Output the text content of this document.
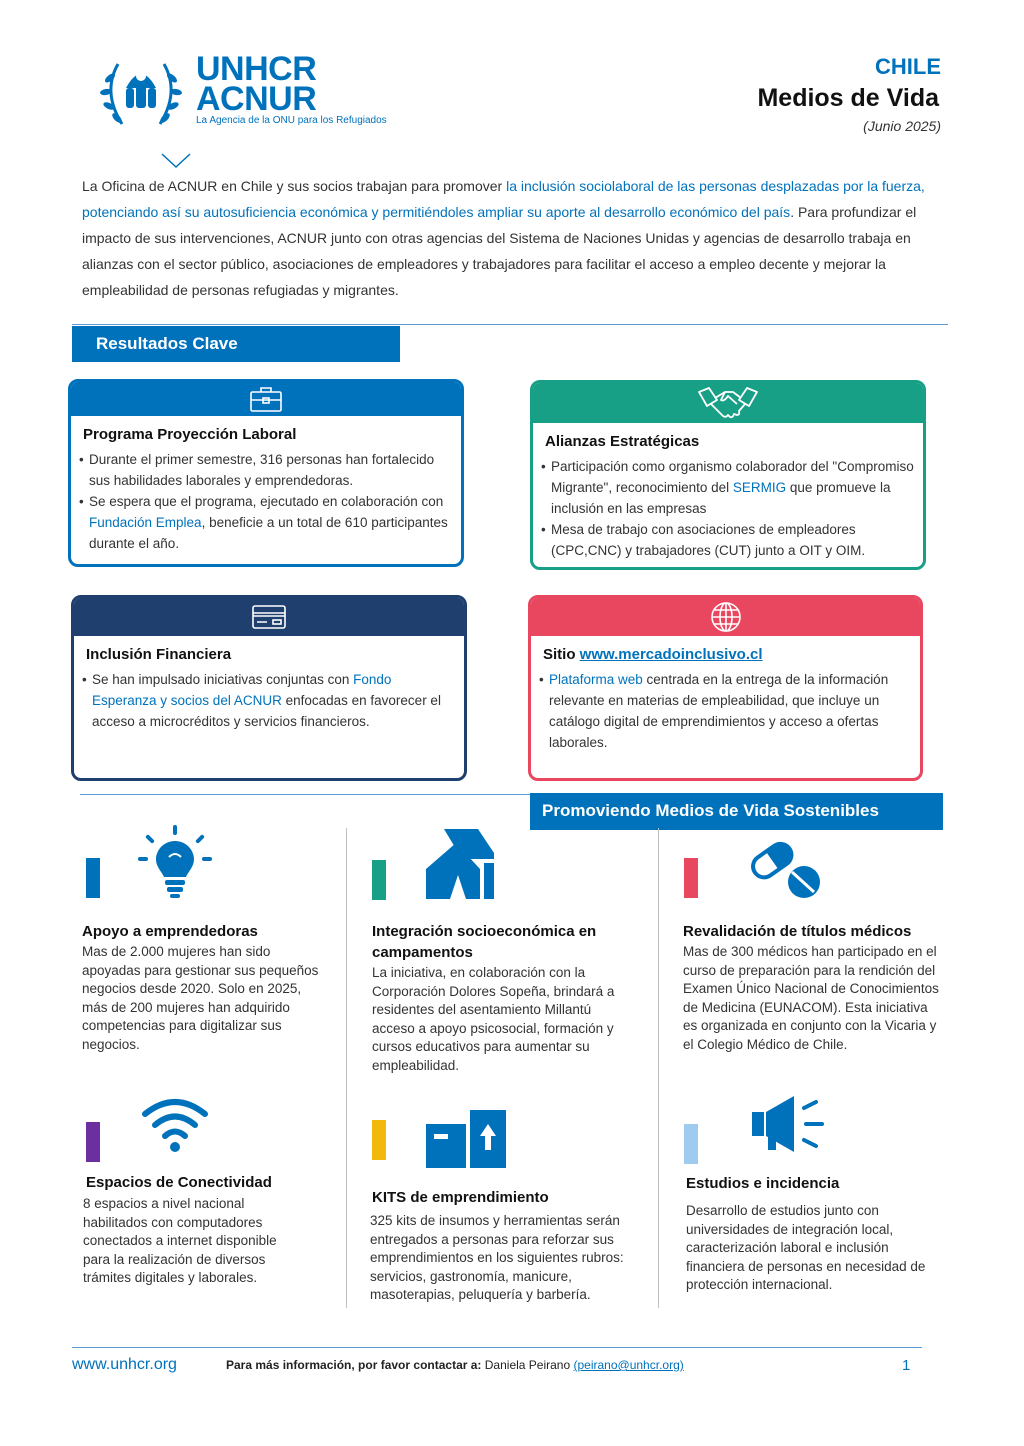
UNHCR
ACNUR
La Agencia de la ONU para los Refugiados
CHILE
Medios de Vida
(Junio 2025)

La Oficina de ACNUR en Chile y sus socios trabajan para promover la inclusión sociolaboral de las personas desplazadas por la fuerza, potenciando así su autosuficiencia económica y permitiéndoles ampliar su aporte al desarrollo económico del país. Para profundizar el impacto de sus intervenciones, ACNUR junto con otras agencias del Sistema de Naciones Unidas y agencias de desarrollo trabaja en alianzas con el sector público, asociaciones de empleadores y trabajadores para facilitar el acceso a empleo decente y mejorar la empleabilidad de personas refugiadas y migrantes.

Resultados Clave
Programa Proyección Laboral
• Durante el primer semestre, 316 personas han fortalecido sus habilidades laborales y emprendedoras.
• Se espera que el programa, ejecutado en colaboración con Fundación Emplea, beneficie a un total de 610 participantes durante el año.
Alianzas Estratégicas
• Participación como organismo colaborador del "Compromiso Migrante", reconocimiento del SERMIG que promueve la inclusión en las empresas
• Mesa de trabajo con asociaciones de empleadores (CPC,CNC) y trabajadores (CUT) junto a OIT y OIM.
Inclusión Financiera
• Se han impulsado iniciativas conjuntas con Fondo Esperanza y socios del ACNUR enfocadas en favorecer el acceso a microcréditos y servicios financieros.
Sitio www.mercadoinclusivo.cl
• Plataforma web centrada en la entrega de la información relevante en materias de empleabilidad, que incluye un catálogo digital de emprendimientos y acceso a ofertas laborales.
Promoviendo Medios de Vida Sostenibles
Apoyo a emprendedoras
Mas de 2.000 mujeres han sido apoyadas para gestionar sus pequeños negocios desde 2020. Solo en 2025, más de 200 mujeres han adquirido competencias para digitalizar sus negocios.
Integración socioeconómica en campamentos
La iniciativa, en colaboración con la Corporación Dolores Sopeña, brindará a residentes del asentamiento Millantú acceso a apoyo psicosocial, formación y cursos educativos para aumentar su empleabilidad.
Revalidación de títulos médicos
Mas de 300 médicos han participado en el curso de preparación para la rendición del Examen Único Nacional de Conocimientos de Medicina (EUNACOM). Esta iniciativa es organizada en conjunto con la Vicaria y el Colegio Médico de Chile.
Espacios de Conectividad
8 espacios a nivel nacional habilitados con computadores conectados a internet disponible para la realización de diversos trámites digitales y laborales.
KITS de emprendimiento
325 kits de insumos y herramientas serán entregados a personas para reforzar sus emprendimientos en los siguientes rubros: servicios, gastronomía, manicure, masoterapias, peluquería y barbería.
Estudios e incidencia
Desarrollo de estudios junto con universidades de integración local, caracterización laboral e inclusión financiera de personas en necesidad de protección internacional.
www.unhcr.org	Para más información, por favor contactar a: Daniela Peirano (peirano@unhcr.org)	1
